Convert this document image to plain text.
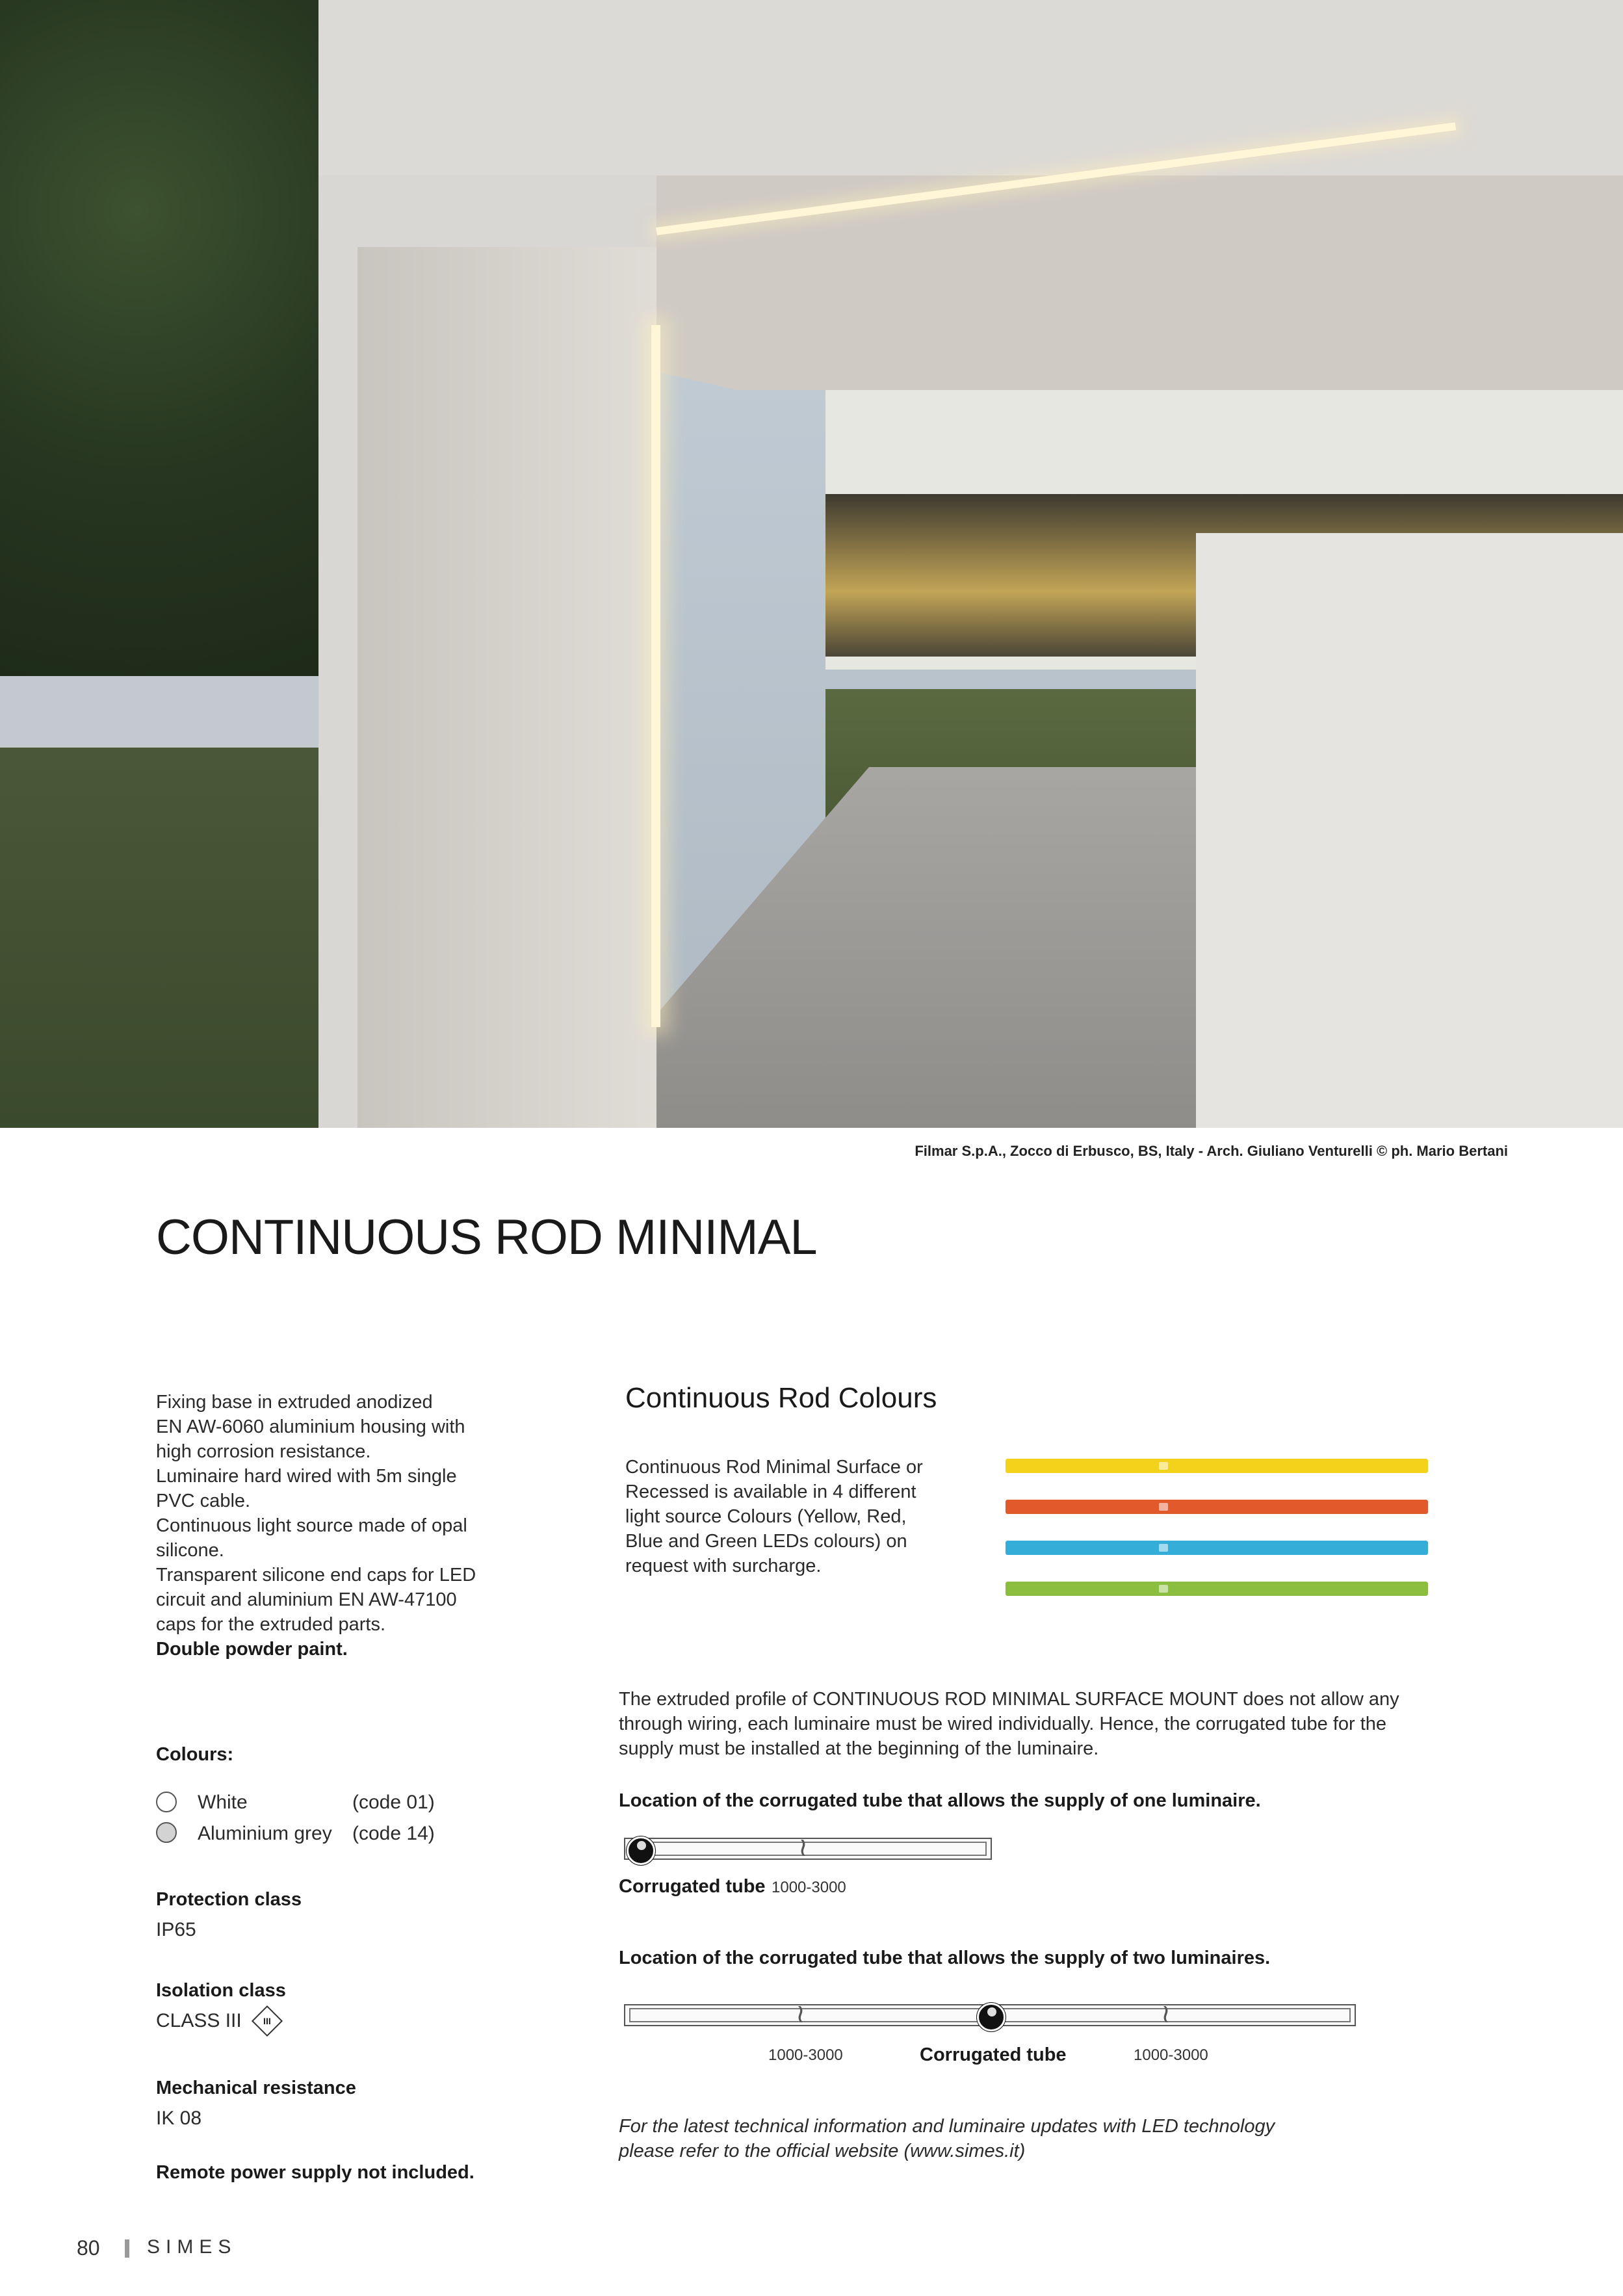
Filmar S.p.A., Zocco di Erbusco, BS, Italy - Arch. Giuliano Venturelli © ph. Mario Bertani
CONTINUOUS ROD MINIMAL
Fixing base in extruded anodized
EN AW-6060 aluminium housing with
high corrosion resistance.
Luminaire hard wired with 5m single
PVC cable.
Continuous light source made of opal
silicone.
Transparent silicone end caps for LED
circuit and aluminium EN AW-47100
caps for the extruded parts.
Double powder paint.
Colours:
White	(code 01)
Aluminium grey (code 14)
Protection class
IP65
Isolation class
CLASS III III
Mechanical resistance
IK 08
Remote power supply not included.
Continuous Rod Colours
Continuous Rod Minimal Surface or
Recessed is available in 4 different
light source Colours (Yellow, Red,
Blue and Green LEDs colours) on
request with surcharge.
The extruded profile of CONTINUOUS ROD MINIMAL SURFACE MOUNT does not allow any
through wiring, each luminaire must be wired individually. Hence, the corrugated tube for the
supply must be installed at the beginning of the luminaire.
Location of the corrugated tube that allows the supply of one luminaire.
≀
Corrugated tube 1000-3000
Location of the corrugated tube that allows the supply of two luminaires.
≀	≀
1000-3000	Corrugated tube	1000-3000
For the latest technical information and luminaire updates with LED technology
please refer to the official website (www.simes.it)
80 SIMES
